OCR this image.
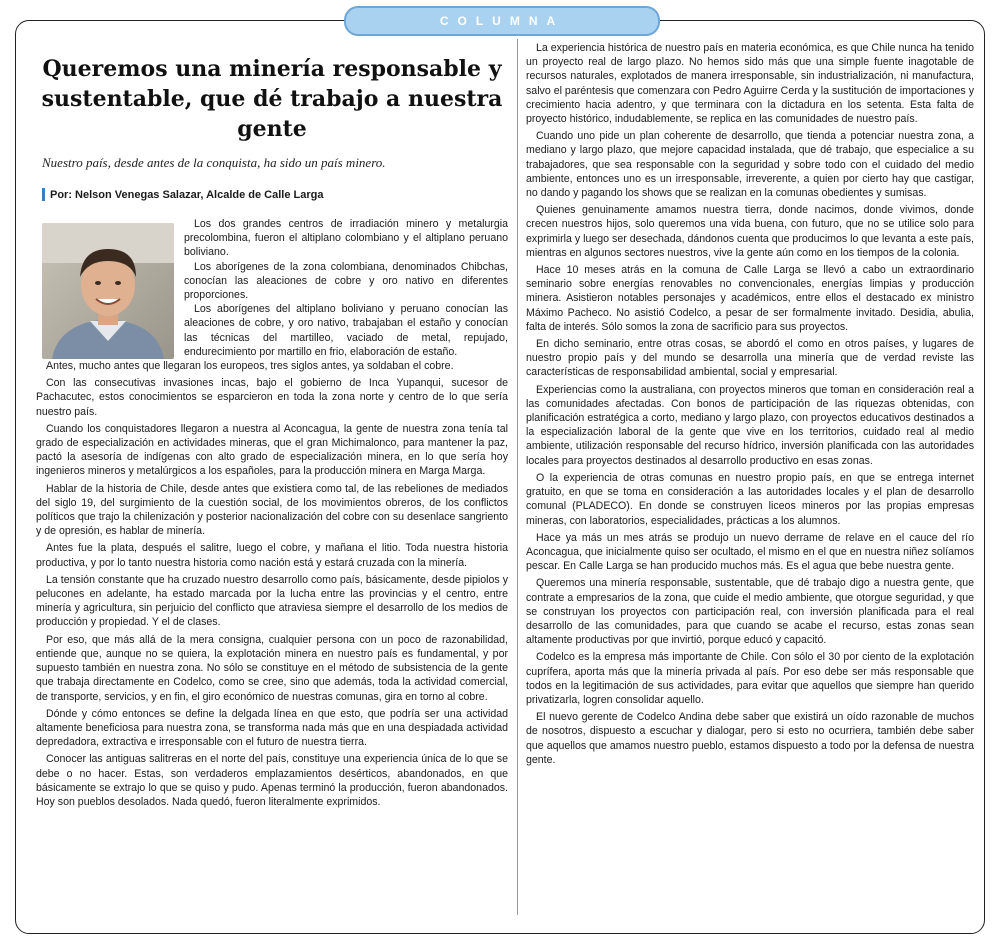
COLUMNA
Queremos una minería responsable y sustentable, que dé trabajo a nuestra gente
Nuestro país, desde antes de la conquista, ha sido un país minero.
Por: Nelson Venegas Salazar, Alcalde de Calle Larga

Los dos grandes centros de irradiación minero y metalurgia precolombina, fueron el altiplano colombiano y el altiplano peruano boliviano.

Los aborígenes de la zona colombiana, denominados Chibchas, conocían las aleaciones de cobre y oro nativo en diferentes proporciones.

Los aborígenes del altiplano boliviano y peruano conocían las aleaciones de cobre, y oro nativo, trabajaban el estaño y conocían las técnicas del martilleo, vaciado de metal, repujado, endurecimiento por martillo en frio, elaboración de estaño.

Antes, mucho antes que llegaran los europeos, tres siglos antes, ya soldaban el cobre.

Con las consecutivas invasiones incas, bajo el gobierno de Inca Yupanqui, sucesor de Pachacutec, estos conocimientos se esparcieron en toda la zona norte y centro de lo que sería nuestro país.

Cuando los conquistadores llegaron a nuestra al Aconcagua, la gente de nuestra zona tenía tal grado de especialización en actividades mineras, que el gran Michimalonco, para mantener la paz, pactó la asesoría de indígenas con alto grado de especialización minera, en lo que sería hoy ingenieros mineros y metalúrgicos a los españoles, para la producción minera en Marga Marga.

Hablar de la historia de Chile, desde antes que existiera como tal, de las rebeliones de mediados del siglo 19, del surgimiento de la cuestión social, de los movimientos obreros, de los conflictos políticos que trajo la chilenización y posterior nacionalización del cobre con su desenlace sangriento y de opresión, es hablar de minería.

Antes fue la plata, después el salitre, luego el cobre, y mañana el litio. Toda nuestra historia productiva, y por lo tanto nuestra historia como nación está y estará cruzada con la minería.

La tensión constante que ha cruzado nuestro desarrollo como país, básicamente, desde pipiolos y pelucones en adelante, ha estado marcada por la lucha entre las provincias y el centro, entre minería y agricultura, sin perjuicio del conflicto que atraviesa siempre el desarrollo de los medios de producción y propiedad. Y el de clases.

Por eso, que más allá de la mera consigna, cualquier persona con un poco de razonabilidad, entiende que, aunque no se quiera, la explotación minera en nuestro país es fundamental, y por supuesto también en nuestra zona. No sólo se constituye en el método de subsistencia de la gente que trabaja directamente en Codelco, como se cree, sino que además, toda la actividad comercial, de transporte, servicios, y en fin, el giro económico de nuestras comunas, gira en torno al cobre.

Dónde y cómo entonces se define la delgada línea en que esto, que podría ser una actividad altamente beneficiosa para nuestra zona, se transforma nada más que en una despiadada actividad depredadora, extractiva e irresponsable con el futuro de nuestra tierra.

Conocer las antiguas salitreras en el norte del país, constituye una experiencia única de lo que se debe o no hacer. Estas, son verdaderos emplazamientos desérticos, abandonados, en que básicamente se extrajo lo que se quiso y pudo. Apenas terminó la producción, fueron abandonados. Hoy son pueblos desolados. Nada quedó, fueron literalmente exprimidos.

La experiencia histórica de nuestro país en materia económica, es que Chile nunca ha tenido un proyecto real de largo plazo. No hemos sido más que una simple fuente inagotable de recursos naturales, explotados de manera irresponsable, sin industrialización, ni manufactura, salvo el paréntesis que comenzara con Pedro Aguirre Cerda y la sustitución de importaciones y crecimiento hacia adentro, y que terminara con la dictadura en los setenta. Esta falta de proyecto histórico, indudablemente, se replica en las comunidades de nuestro país.

Cuando uno pide un plan coherente de desarrollo, que tienda a potenciar nuestra zona, a mediano y largo plazo, que mejore capacidad instalada, que dé trabajo, que especialice a su trabajadores, que sea responsable con la seguridad y sobre todo con el cuidado del medio ambiente, entonces uno es un irresponsable, irreverente, a quien por cierto hay que castigar, no dando y pagando los shows que se realizan en la comunas obedientes y sumisas.

Quienes genuinamente amamos nuestra tierra, donde nacimos, donde vivimos, donde crecen nuestros hijos, solo queremos una vida buena, con futuro, que no se utilice solo para exprimirla y luego ser desechada, dándonos cuenta que producimos lo que levanta a este país, mientras en algunos sectores nuestros, vive la gente aún como en los tiempos de la colonia.

Hace 10 meses atrás en la comuna de Calle Larga se llevó a cabo un extraordinario seminario sobre energías renovables no convencionales, energías limpias y producción minera. Asistieron notables personajes y académicos, entre ellos el destacado ex ministro Máximo Pacheco. No asistió Codelco, a pesar de ser formalmente invitado. Desidia, abulia, falta de interés. Sólo somos la zona de sacrificio para sus proyectos.

En dicho seminario, entre otras cosas, se abordó el como en otros países, y lugares de nuestro propio país y del mundo se desarrolla una minería que de verdad reviste las características de responsabilidad ambiental, social y empresarial.

Experiencias como la australiana, con proyectos mineros que toman en consideración real a las comunidades afectadas. Con bonos de participación de las riquezas obtenidas, con planificación estratégica a corto, mediano y largo plazo, con proyectos educativos destinados a la especialización laboral de la gente que vive en los territorios, cuidado real al medio ambiente, utilización responsable del recurso hídrico, inversión planificada con las autoridades locales para proyectos destinados al desarrollo productivo en esas zonas.

O la experiencia de otras comunas en nuestro propio país, en que se entrega internet gratuito, en que se toma en consideración a las autoridades locales y el plan de desarrollo comunal (PLADECO). En donde se construyen liceos mineros por las propias empresas mineras, con laboratorios, especialidades, prácticas a los alumnos.

Hace ya más un mes atrás se produjo un nuevo derrame de relave en el cauce del río Aconcagua, que inicialmente quiso ser ocultado, el mismo en el que en nuestra niñez solíamos pescar. En Calle Larga se han producido muchos más. Es el agua que bebe nuestra gente.

Queremos una minería responsable, sustentable, que dé trabajo digo a nuestra gente, que contrate a empresarios de la zona, que cuide el medio ambiente, que otorgue seguridad, y que se construyan los proyectos con participación real, con inversión planificada para el real desarrollo de las comunidades, para que cuando se acabe el recurso, estas zonas sean altamente productivas por que invirtió, porque educó y capacitó.

Codelco es la empresa más importante de Chile. Con sólo el 30 por ciento de la explotación cuprífera, aporta más que la minería privada al país. Por eso debe ser más responsable que todos en la legitimación de sus actividades, para evitar que aquellos que siempre han querido privatizarla, logren consolidar aquello.

El nuevo gerente de Codelco Andina debe saber que existirá un oído razonable de muchos de nosotros, dispuesto a escuchar y dialogar, pero si esto no ocurriera, también debe saber que aquellos que amamos nuestro pueblo, estamos dispuesto a todo por la defensa de nuestra gente.
